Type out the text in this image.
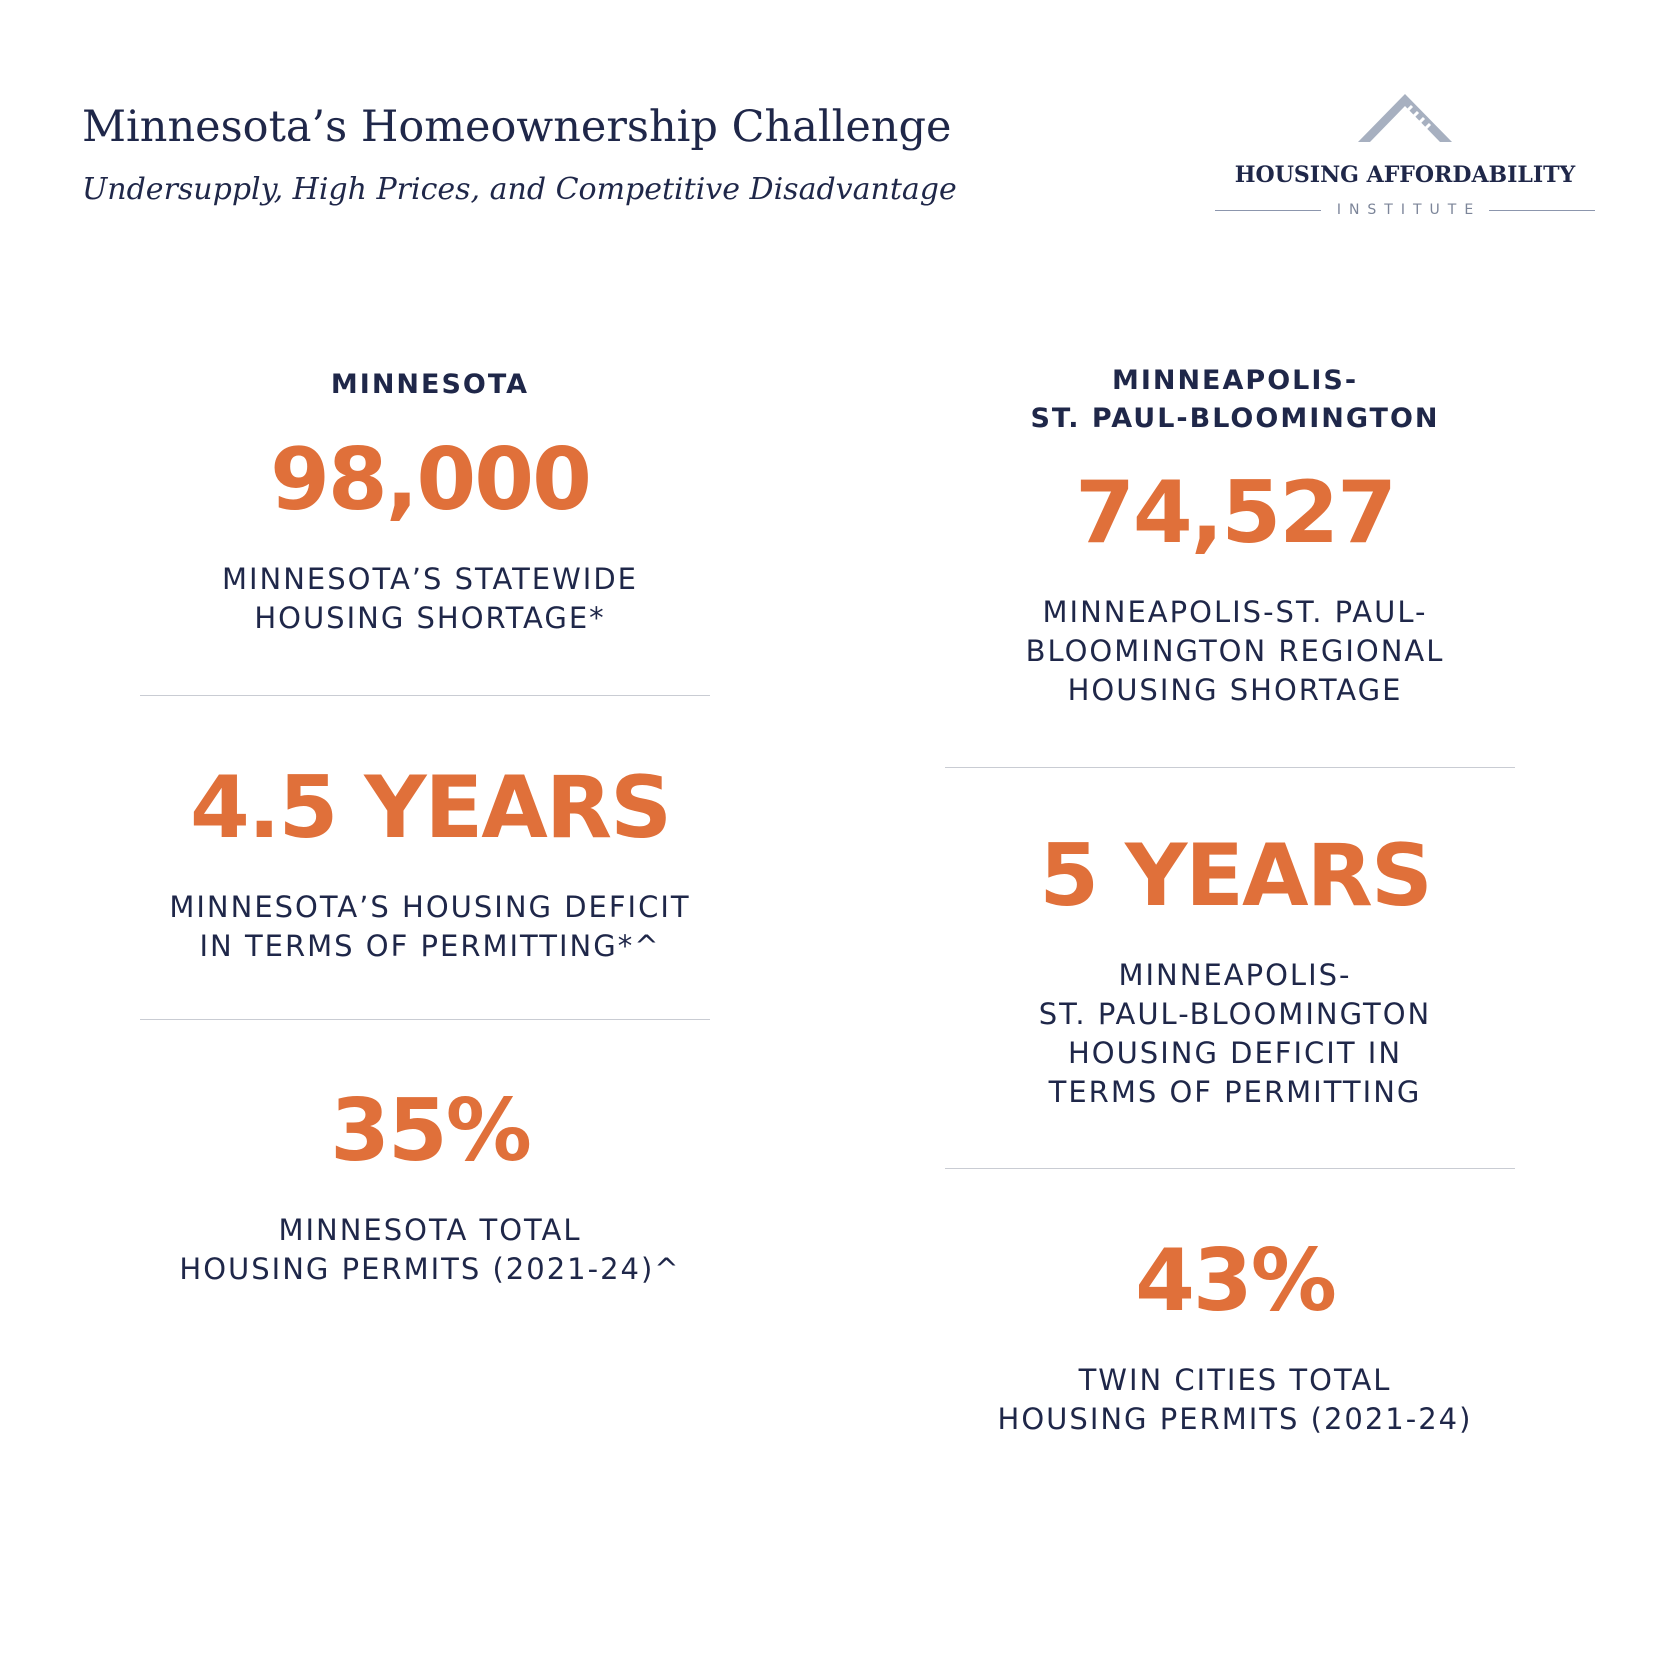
Minnesota’s Homeownership Challenge

Undersupply, High Prices, and Competitive Disadvantage	HOUSING AFFORDABILITY
INSTITUTE
MINNESOTA
98,000
MINNESOTA’S STATEWIDE
HOUSING SHORTAGE*
4.5 YEARS
MINNESOTA’S HOUSING DEFICIT
IN TERMS OF PERMITTING*^
35%
MINNESOTA TOTAL
HOUSING PERMITS (2021-24)^
MINNEAPOLIS-
ST. PAUL-BLOOMINGTON
74,527
MINNEAPOLIS-ST. PAUL-
BLOOMINGTON REGIONAL
HOUSING SHORTAGE
5 YEARS
MINNEAPOLIS-
ST. PAUL-BLOOMINGTON
HOUSING DEFICIT IN
TERMS OF PERMITTING
43%
TWIN CITIES TOTAL
HOUSING PERMITS (2021-24)
